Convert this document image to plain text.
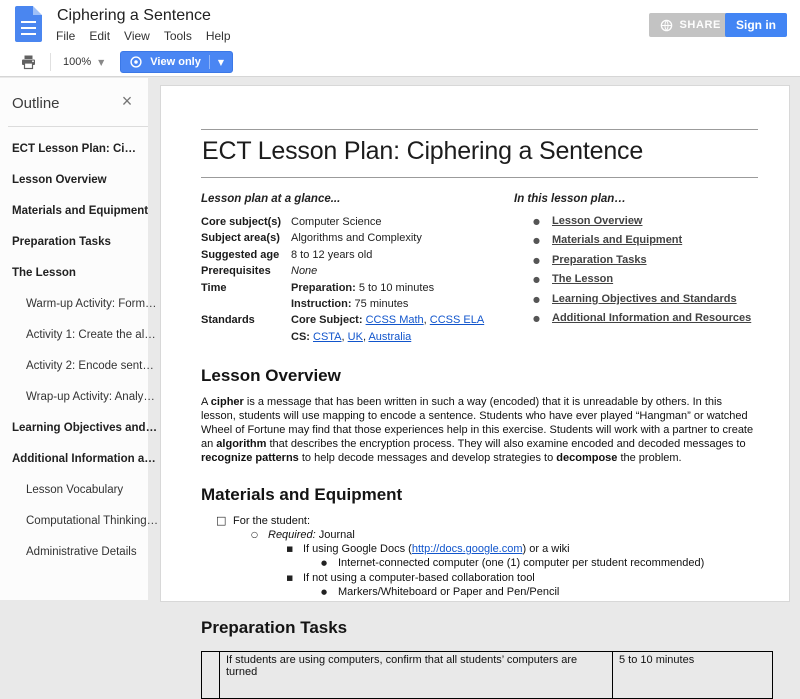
Ciphering a Sentence
File Edit View Tools Help
SHARE Sign in
100% ▼	View only ▼
Outline	×
ECT Lesson Plan: Ci…
Lesson Overview
Materials and Equipment
Preparation Tasks
The Lesson
Warm-up Activity: Form…
Activity 1: Create the al…
Activity 2: Encode sent…
Wrap-up Activity: Analy…
Learning Objectives and…
Additional Information a…
Lesson Vocabulary
Computational Thinking…
Administrative Details
ECT Lesson Plan: Ciphering a Sentence
Lesson plan at a glance...
Core subject(s) Computer Science
Subject area(s)	Algorithms and Complexity
Suggested age	8 to 12 years old
Prerequisites	None
Time	Preparation: 5 to 10 minutes
Instruction: 75 minutes
Standards	Core Subject: CCSS Math, CCSS ELA
CS: CSTA, UK, Australia
In this lesson plan…
●	Lesson Overview
●	Materials and Equipment
●	Preparation Tasks
●	The Lesson
●	Learning Objectives and Standards
●	Additional Information and Resources
Lesson Overview

A cipher is a message that has been written in such a way (encoded) that it is unreadable by others. In this lesson, students will use mapping to encode a sentence. Students who have ever played “Hangman” or watched Wheel of Fortune may find that those experiences help in this exercise. Students will work with a partner to create an algorithm that describes the encryption process. They will also examine encoded and decoded messages to recognize patterns to help decode messages and develop strategies to decompose the problem.

Materials and Equipment
□ For the student:
○ Required: Journal
▪ If using Google Docs (http://docs.google.com) or a wiki
● Internet-connected computer (one (1) computer per student recommended)
▪ If not using a computer-based collaboration tool
● Markers/Whiteboard or Paper and Pen/Pencil
Preparation Tasks
	If students are using computers, confirm that all students’ computers are turned	5 to 10 minutes
